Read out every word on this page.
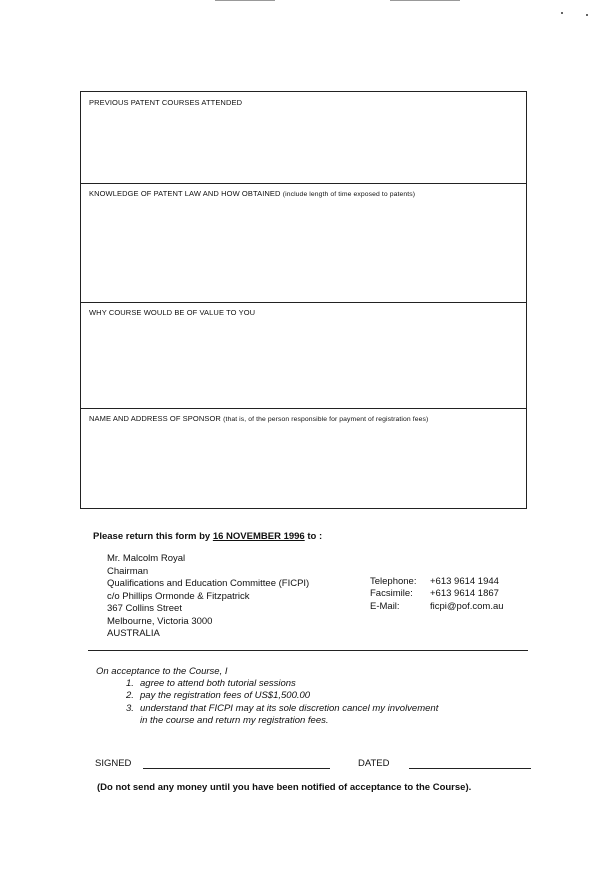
PREVIOUS PATENT COURSES ATTENDED
KNOWLEDGE OF PATENT LAW AND HOW OBTAINED (include length of time exposed to patents)
WHY COURSE WOULD BE OF VALUE TO YOU
NAME AND ADDRESS OF SPONSOR (that is, of the person responsible for payment of registration fees)
Please return this form by 16 NOVEMBER 1996 to :
Mr. Malcolm Royal
Chairman
Qualifications and Education Committee (FICPI)
c/o Phillips Ormonde & Fitzpatrick
367 Collins Street
Melbourne, Victoria 3000
AUSTRALIA
Telephone: +613 9614 1944
Facsimile: +613 9614 1867
E-Mail:	ficpi@pof.com.au
On acceptance to the Course, I
1. agree to attend both tutorial sessions
2. pay the registration fees of US$1,500.00
3. understand that FICPI may at its sole discretion cancel my involvement
in the course and return my registration fees.
SIGNED	DATED
(Do not send any money until you have been notified of acceptance to the Course).
